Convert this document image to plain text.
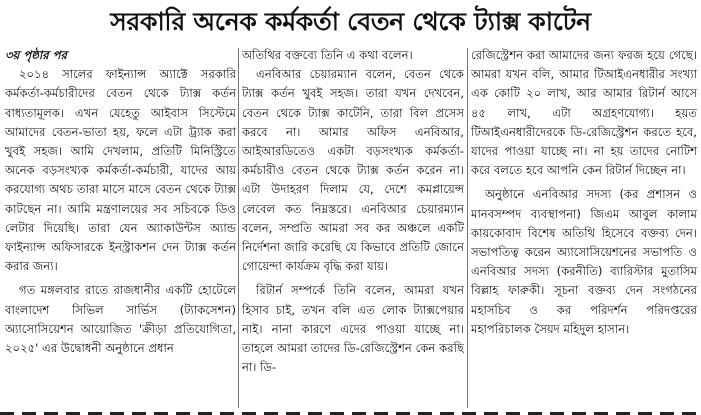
সরকারি অনেক কর্মকর্তা বেতন থেকে ট্যাক্স কাটেন

৩য় পৃষ্ঠার পর

২০১৪ সালের ফাইন্যান্স অ্যাক্টে সরকারি কর্মকর্তা-কর্মচারীদের বেতন থেকে ট্যাক্স কর্তন বাধ্যতামূলক। এখন যেহেতু আইবাস সিস্টেমে আমাদের বেতন-ভাতা হয়, ফলে এটা ট্র্যাক করা খুবই সহজ। আমি দেখলাম, প্রতিটি মিনিস্ট্রিতে অনেক বড়সংখ্যক কর্মকর্তা-কর্মচারী, যাদের আয় করযোগ্য অথচ তারা মাসে মাসে বেতন থেকে ট্যাক্স কাটছেন না। আমি মন্ত্রণালয়ের সব সচিবকে ডিও লেটার দিয়েছি। তারা যেন অ্যাকাউন্টস অ্যান্ড ফাইন্যান্স অফিসারকে ইনস্ট্রাকশন দেন ট্যাক্স কর্তন করার জন্য।

গত মঙ্গলবার রাতে রাজধানীর একটি হোটেলে বাংলাদেশ সিভিল সার্ভিস (ট্যাকসেশন) অ্যাসোসিয়েশন আয়োজিত 'ক্রীড়া প্রতিযোগিতা, ২০২৫' এর উদ্বোধনী অনুষ্ঠানে প্রধান

অতিথির বক্তব্যে তিনি এ কথা বলেন।

এনবিআর চেয়ারম্যান বলেন, বেতন থেকে ট্যাক্স কর্তন খুবই সহজ। তারা যখন দেখবেন, বেতন থেকে ট্যাক্স কাটেনি, তারা বিল প্রসেস করবে না। আমার অফিস এনবিআর, আইআরডিতেও একটা বড়সংখ্যক কর্মকর্তা-কর্মচারীও বেতন থেকে ট্যাক্স কর্তন করেন না। এটা উদাহরণ দিলাম যে, দেশে কমপ্লায়েন্স লেবেল কত নিম্নস্তরে। এনবিআর চেয়ারম্যান বলেন, সম্প্রতি আমরা সব কর অঞ্চলে একটি নির্দেশনা জারি করেছি যে কিভাবে প্রতিটি জোনে গোয়েন্দা কার্যক্রম বৃদ্ধি করা যায়।

রিটার্ন সম্পর্কে তিনি বলেন, আমরা যখন হিসাব চাই, তখন বলি এত লোক ট্যাক্সপেয়ার নাই। নানা কারণে এদের পাওয়া যাচ্ছে না। তাহলে আমরা তাদের ডি-রেজিস্ট্রেশন কেন করছি না। ডি-

রেজিস্ট্রেশন করা আমাদের জন্য ফরজ হয়ে গেছে। আমরা যখন বলি, আমার টিআইএনধারীর সংখ্যা এক কোটি ২০ লাখ, আর আমার রিটার্ন আসে ৪৫ লাখ, এটা অগ্রহণযোগ্য। হয়ত টিআইএনধারীদেরকে ডি-রেজিস্ট্রেশন করতে হবে, যাদের পাওয়া যাচ্ছে না। না হয় তাদের নোটিশ করে বলতে হবে আপনি কেন রিটার্ন দিচ্ছেন না।

অনুষ্ঠানে এনবিআর সদস্য (কর প্রশাসন ও মানবসম্পদ ব্যবস্থাপনা) জিএম আবুল কালাম কায়কোবাদ বিশেষ অতিথি হিসেবে বক্তব্য দেন। সভাপতিত্ব করেন অ্যাসোসিয়েশনের সভাপতি ও এনবিআর সদস্য (করনীতি) ব্যারিস্টার মুতাসিম বিল্লাহ ফারুকী। সূচনা বক্তব্য দেন সংগঠনের মহাসচিব ও কর পরিদর্শন পরিদপ্তরের মহাপরিচালক সৈয়দ মহিদুল হাসান।
